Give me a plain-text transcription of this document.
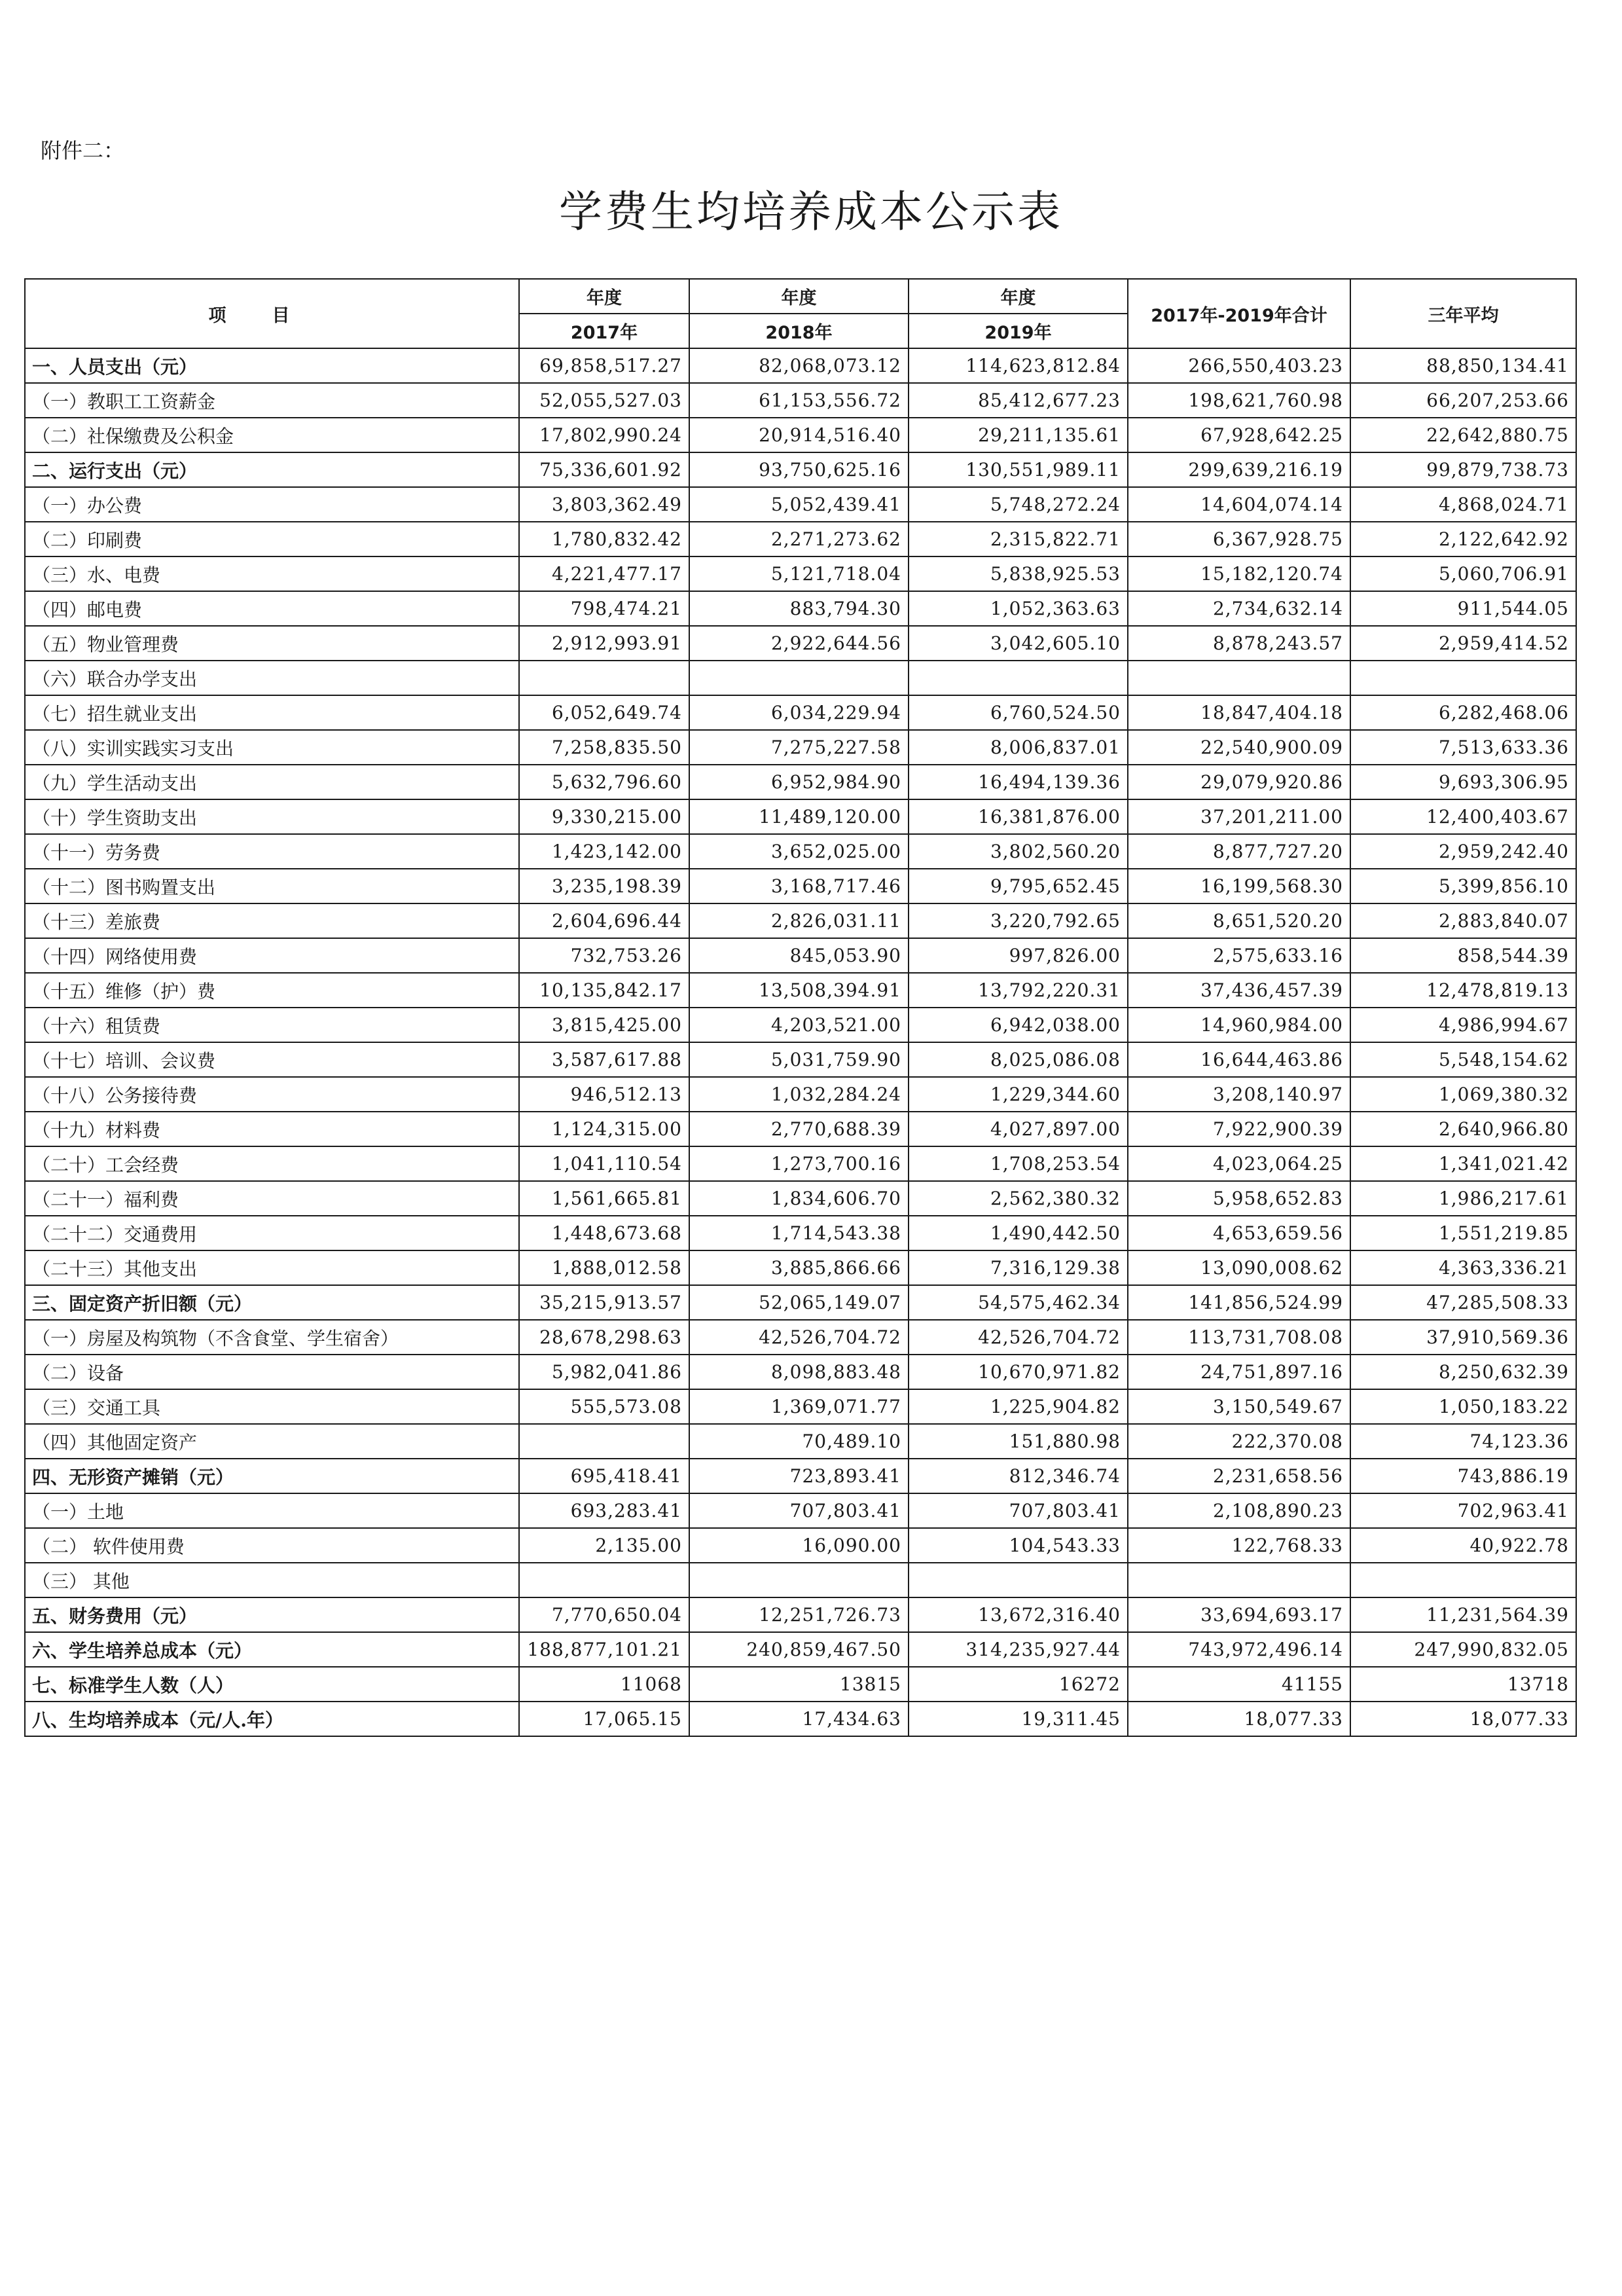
附件二：
学费生均培养成本公示表
项目	年度	年度	年度	2017年-2019年合计	三年平均
	2017年	2018年	2019年		
一、人员支出（元）	69,858,517.27	82,068,073.12	114,623,812.84	266,550,403.23	88,850,134.41
（一）教职工工资薪金	52,055,527.03	61,153,556.72	85,412,677.23	198,621,760.98	66,207,253.66
（二）社保缴费及公积金	17,802,990.24	20,914,516.40	29,211,135.61	67,928,642.25	22,642,880.75
二、运行支出（元）	75,336,601.92	93,750,625.16	130,551,989.11	299,639,216.19	99,879,738.73
（一）办公费	3,803,362.49	5,052,439.41	5,748,272.24	14,604,074.14	4,868,024.71
（二）印刷费	1,780,832.42	2,271,273.62	2,315,822.71	6,367,928.75	2,122,642.92
（三）水、电费	4,221,477.17	5,121,718.04	5,838,925.53	15,182,120.74	5,060,706.91
（四）邮电费	798,474.21	883,794.30	1,052,363.63	2,734,632.14	911,544.05
（五）物业管理费	2,912,993.91	2,922,644.56	3,042,605.10	8,878,243.57	2,959,414.52
（六）联合办学支出					
（七）招生就业支出	6,052,649.74	6,034,229.94	6,760,524.50	18,847,404.18	6,282,468.06
（八）实训实践实习支出	7,258,835.50	7,275,227.58	8,006,837.01	22,540,900.09	7,513,633.36
（九）学生活动支出	5,632,796.60	6,952,984.90	16,494,139.36	29,079,920.86	9,693,306.95
（十）学生资助支出	9,330,215.00	11,489,120.00	16,381,876.00	37,201,211.00	12,400,403.67
（十一）劳务费	1,423,142.00	3,652,025.00	3,802,560.20	8,877,727.20	2,959,242.40
（十二）图书购置支出	3,235,198.39	3,168,717.46	9,795,652.45	16,199,568.30	5,399,856.10
（十三）差旅费	2,604,696.44	2,826,031.11	3,220,792.65	8,651,520.20	2,883,840.07
（十四）网络使用费	732,753.26	845,053.90	997,826.00	2,575,633.16	858,544.39
（十五）维修（护）费	10,135,842.17	13,508,394.91	13,792,220.31	37,436,457.39	12,478,819.13
（十六）租赁费	3,815,425.00	4,203,521.00	6,942,038.00	14,960,984.00	4,986,994.67
（十七）培训、会议费	3,587,617.88	5,031,759.90	8,025,086.08	16,644,463.86	5,548,154.62
（十八）公务接待费	946,512.13	1,032,284.24	1,229,344.60	3,208,140.97	1,069,380.32
（十九）材料费	1,124,315.00	2,770,688.39	4,027,897.00	7,922,900.39	2,640,966.80
（二十）工会经费	1,041,110.54	1,273,700.16	1,708,253.54	4,023,064.25	1,341,021.42
（二十一）福利费	1,561,665.81	1,834,606.70	2,562,380.32	5,958,652.83	1,986,217.61
（二十二）交通费用	1,448,673.68	1,714,543.38	1,490,442.50	4,653,659.56	1,551,219.85
（二十三）其他支出	1,888,012.58	3,885,866.66	7,316,129.38	13,090,008.62	4,363,336.21
三、固定资产折旧额（元）	35,215,913.57	52,065,149.07	54,575,462.34	141,856,524.99	47,285,508.33
（一）房屋及构筑物（不含食堂、学生宿舍）	28,678,298.63	42,526,704.72	42,526,704.72	113,731,708.08	37,910,569.36
（二）设备	5,982,041.86	8,098,883.48	10,670,971.82	24,751,897.16	8,250,632.39
（三）交通工具	555,573.08	1,369,071.77	1,225,904.82	3,150,549.67	1,050,183.22
（四）其他固定资产		70,489.10	151,880.98	222,370.08	74,123.36
四、无形资产摊销（元）	695,418.41	723,893.41	812,346.74	2,231,658.56	743,886.19
（一）土地	693,283.41	707,803.41	707,803.41	2,108,890.23	702,963.41
（二） 软件使用费	2,135.00	16,090.00	104,543.33	122,768.33	40,922.78
（三） 其他					
五、财务费用（元）	7,770,650.04	12,251,726.73	13,672,316.40	33,694,693.17	11,231,564.39
六、学生培养总成本（元）	188,877,101.21	240,859,467.50	314,235,927.44	743,972,496.14	247,990,832.05
七、标准学生人数（人）	11068	13815	16272	41155	13718
八、生均培养成本（元/人.年）	17,065.15	17,434.63	19,311.45	18,077.33	18,077.33
